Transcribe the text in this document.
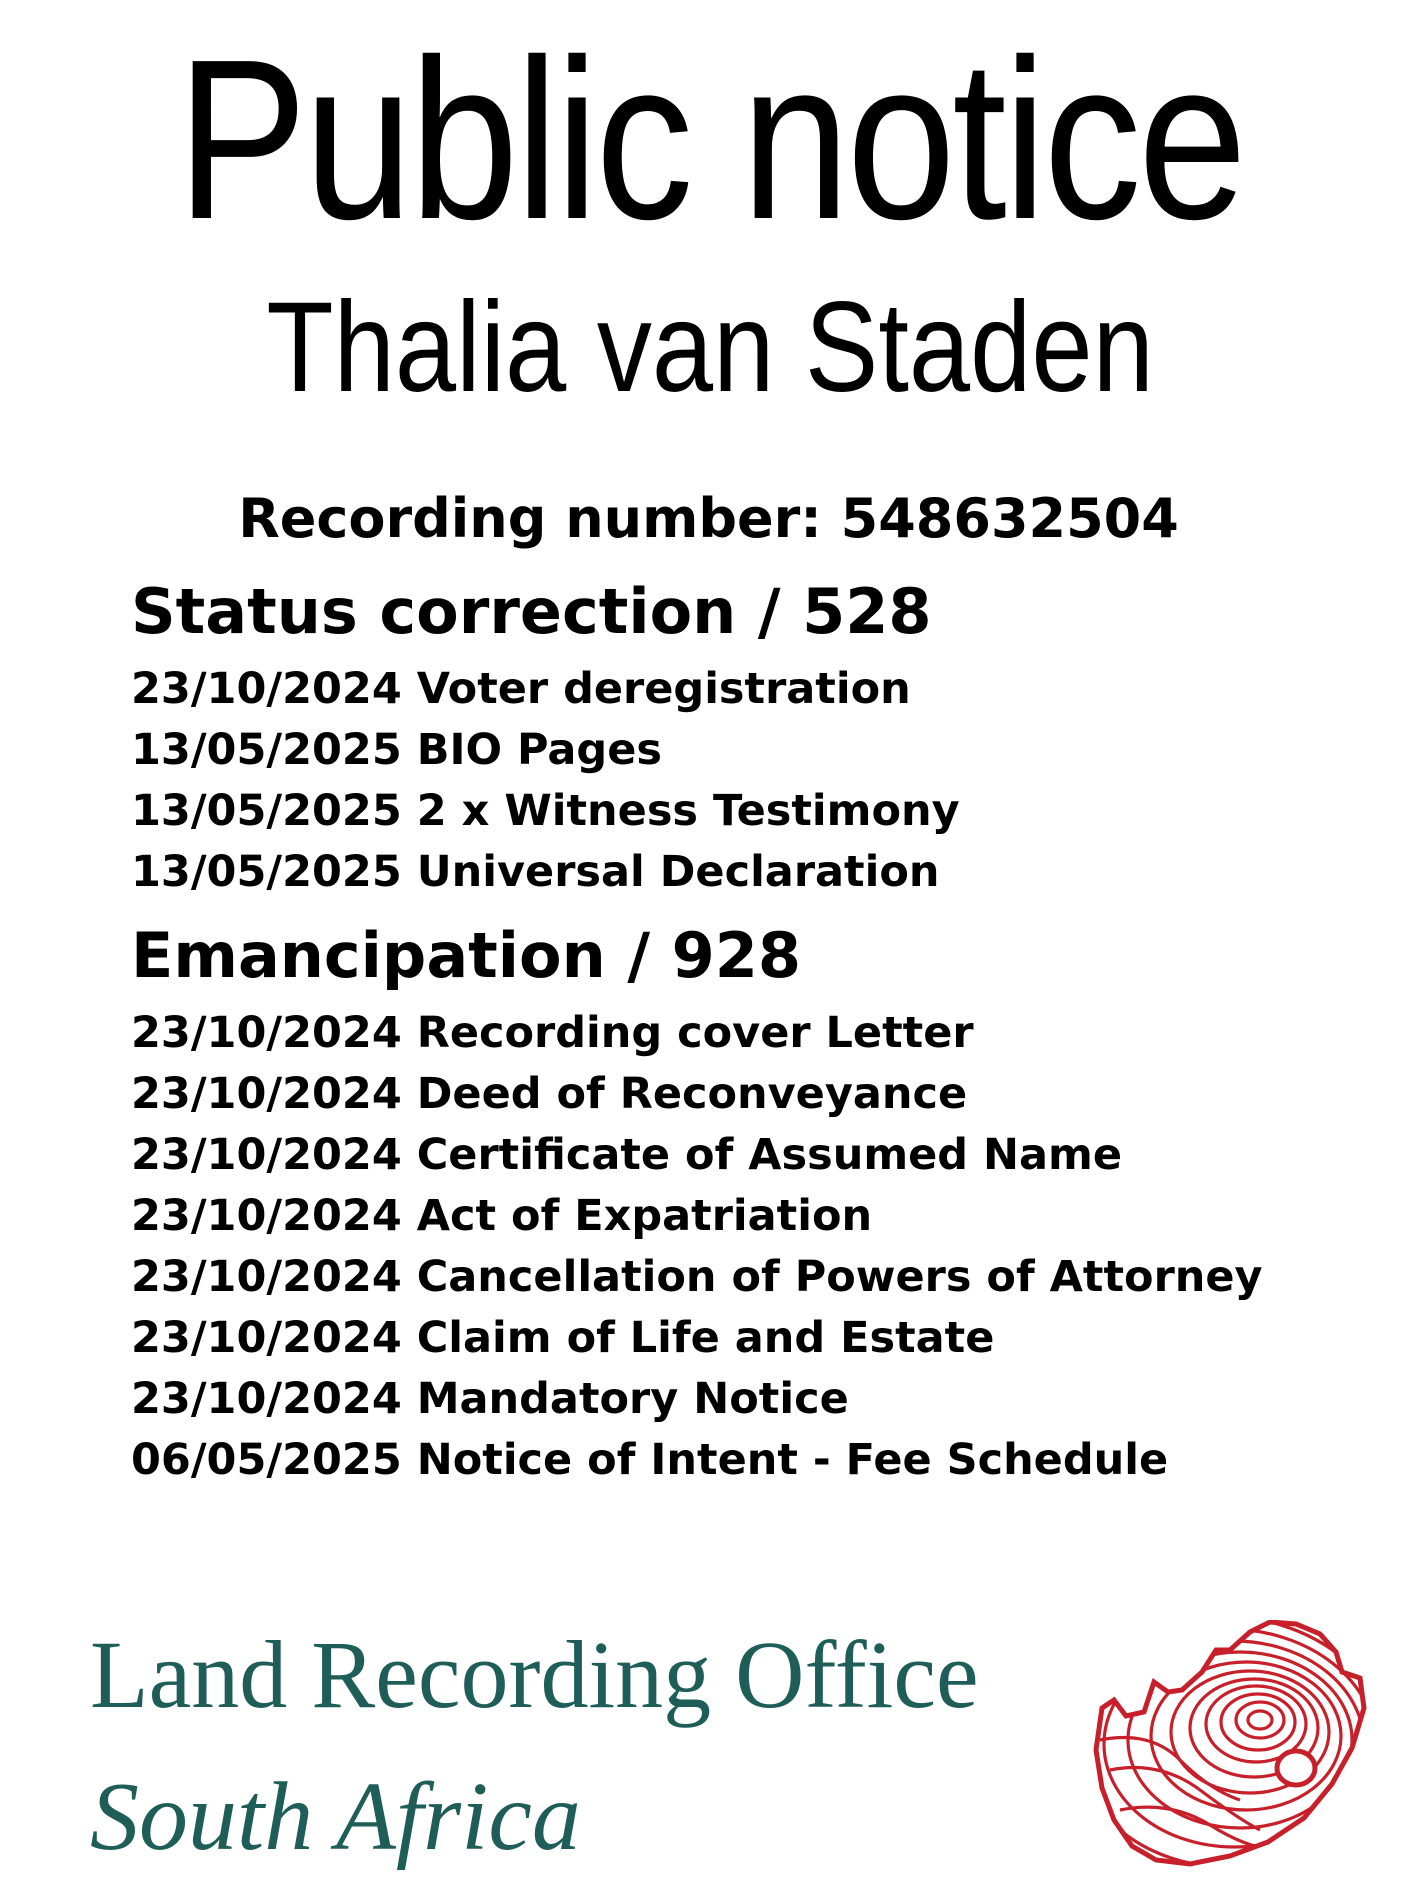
Public notice
Thalia van Staden
Recording number: 548632504
Status correction / 528
23/10/2024 Voter deregistration
13/05/2025 BIO Pages
13/05/2025 2 x Witness Testimony
13/05/2025 Universal Declaration
Emancipation / 928
23/10/2024 Recording cover Letter
23/10/2024 Deed of Reconveyance
23/10/2024 Certificate of Assumed Name
23/10/2024 Act of Expatriation
23/10/2024 Cancellation of Powers of Attorney
23/10/2024 Claim of Life and Estate
23/10/2024 Mandatory Notice
06/05/2025 Notice of Intent - Fee Schedule
Land Recording Office
South Africa
